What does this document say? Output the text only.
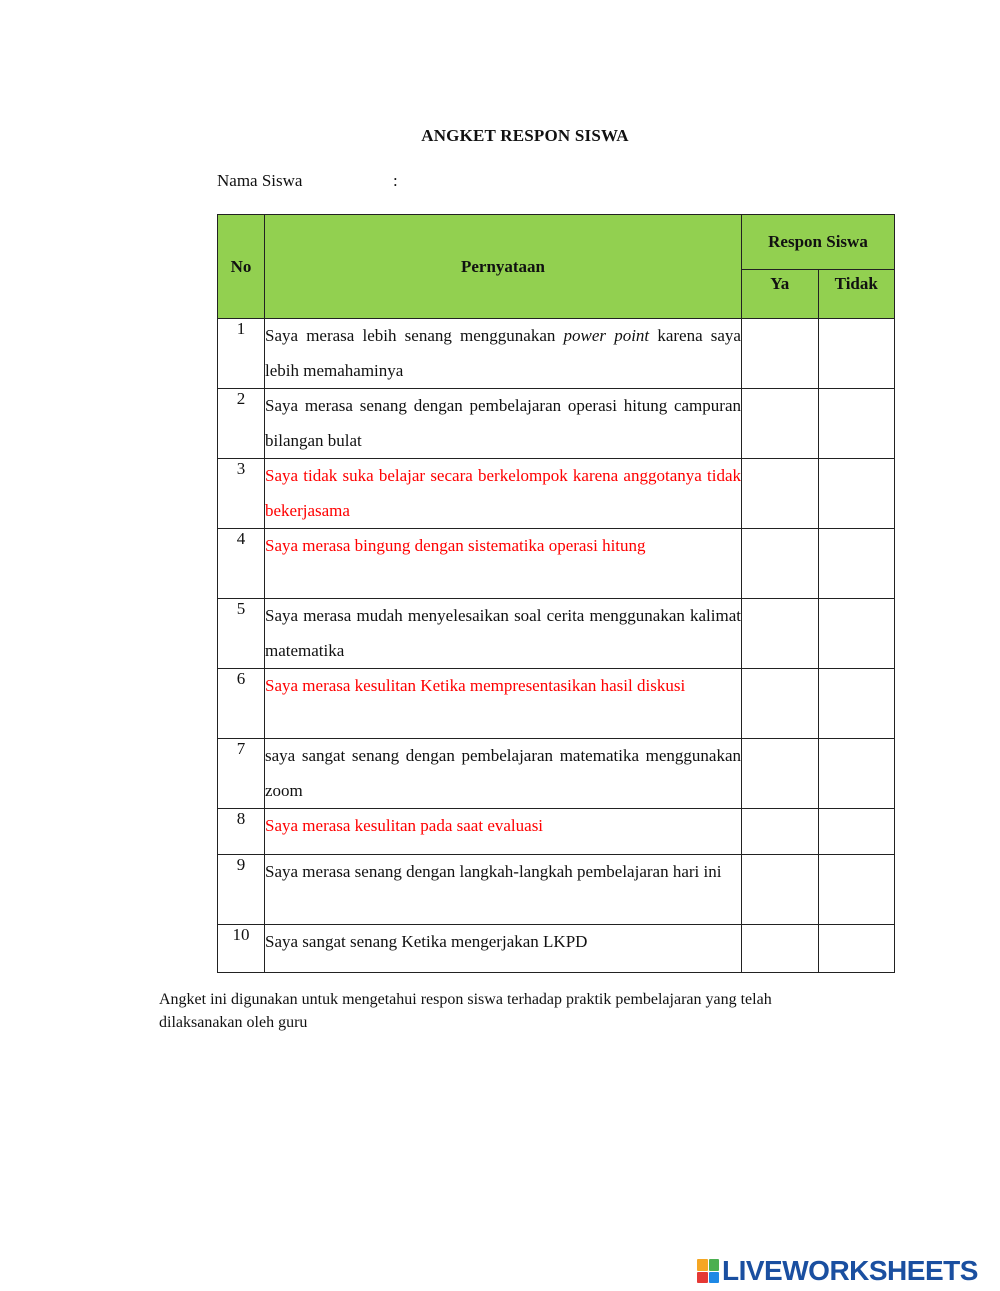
ANGKET RESPON SISWA
Nama Siswa	:
No	Pernyataan	Respon Siswa	
		Ya	Tidak
1	Saya merasa lebih senang menggunakan power point karena saya lebih memahaminya		
2	Saya merasa senang dengan pembelajaran operasi hitung campuran bilangan bulat		
3	Saya tidak suka belajar secara berkelompok karena anggotanya tidak bekerjasama		
4	Saya merasa bingung dengan sistematika operasi hitung		
5	Saya merasa mudah menyelesaikan soal cerita menggunakan kalimat matematika		
6	Saya merasa kesulitan Ketika mempresentasikan hasil diskusi		
7	saya sangat senang dengan pembelajaran matematika menggunakan zoom		
8	Saya merasa kesulitan pada saat evaluasi		
9	Saya merasa senang dengan langkah-langkah pembelajaran hari ini		
10	Saya sangat senang Ketika mengerjakan LKPD		
Angket ini digunakan untuk mengetahui respon siswa terhadap praktik pembelajaran yang telah dilaksanakan oleh guru
LIVEWORKSHEETS
